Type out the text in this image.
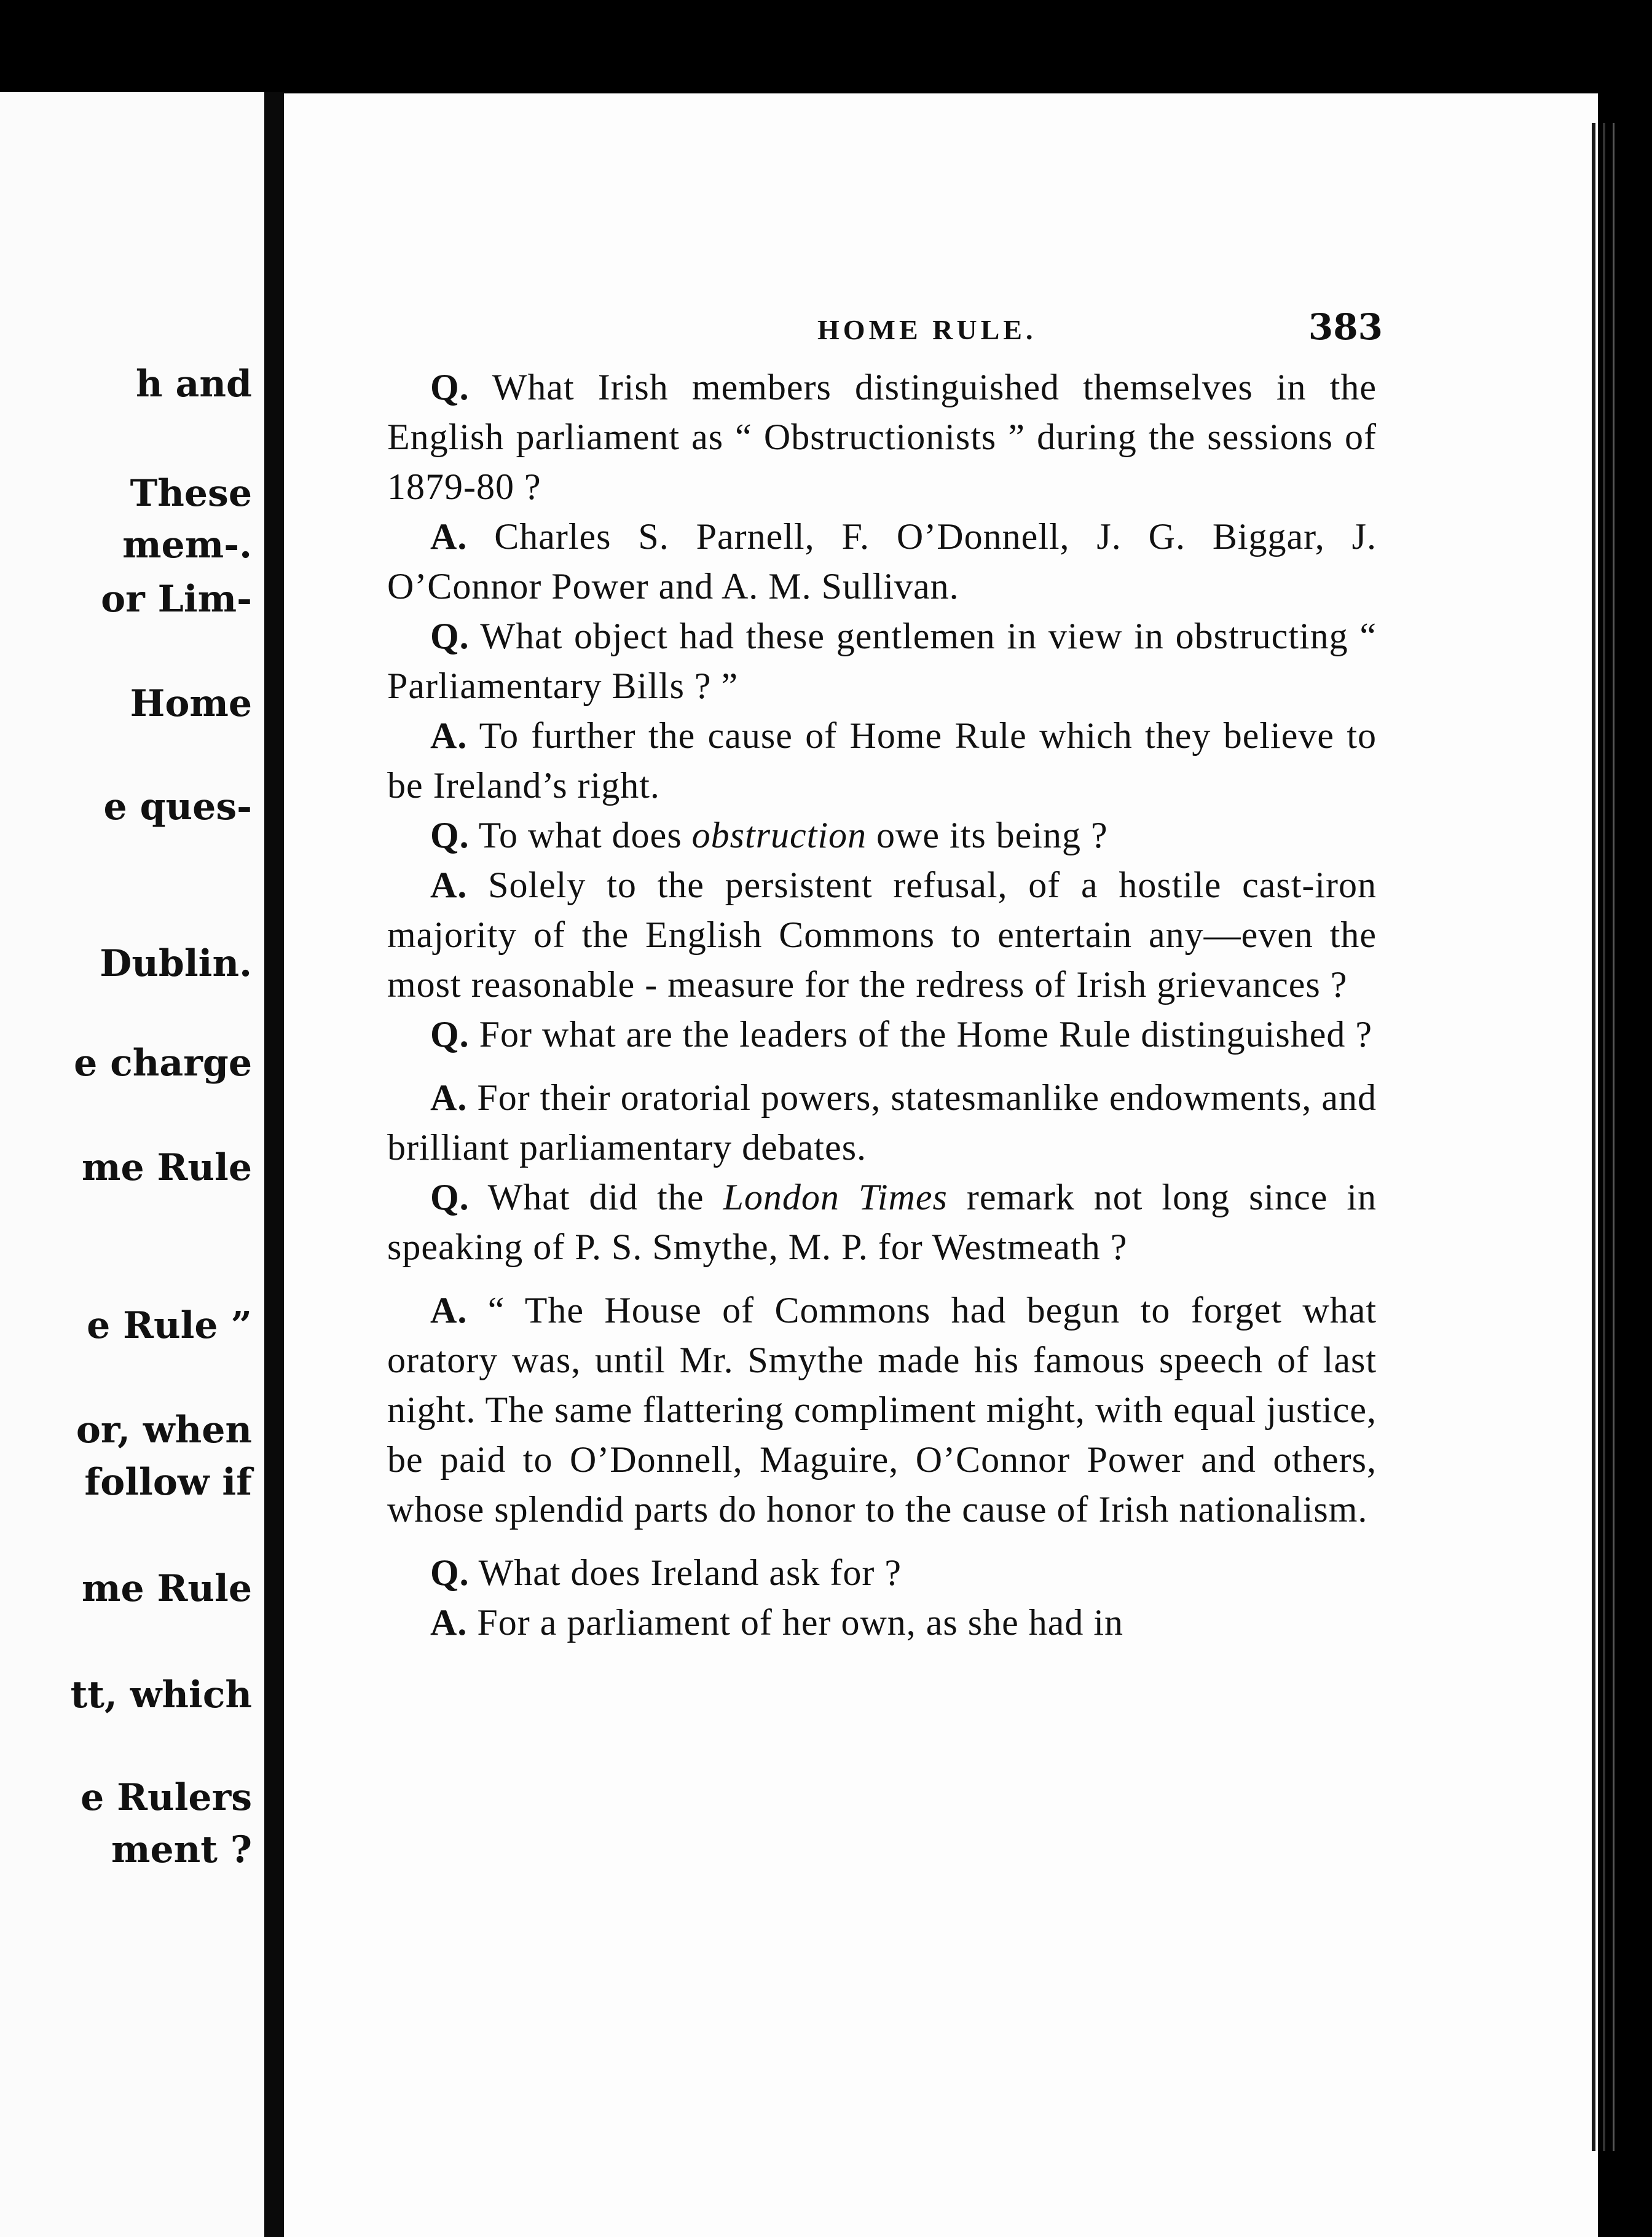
h and
These
mem-.
or Lim-
Home
e ques-
Dublin.
e charge
me Rule
e Rule ”
or, when
follow if
me Rule
tt, which
e Rulers
ment ?
HOME RULE.	383

Q. What Irish members distinguished themselves in the English parliament as “ Obstructionists ” during the sessions of 1879-80 ?

A. Charles S. Parnell, F. O’Donnell, J. G. Biggar, J. O’Connor Power and A. M. Sullivan.

Q. What object had these gentlemen in view in obstructing “ Parliamentary Bills ? ”

A. To further the cause of Home Rule which they believe to be Ireland’s right.

Q. To what does obstruction owe its being ?

A. Solely to the persistent refusal, of a hostile cast-iron majority of the English Commons to entertain any—even the most reasonable - measure for the redress of Irish grievances ?

Q. For what are the leaders of the Home Rule distinguished ?

A. For their oratorial powers, statesmanlike endowments, and brilliant parliamentary debates.

Q. What did the London Times remark not long since in speaking of P. S. Smythe, M. P. for Westmeath ?

A. “ The House of Commons had begun to forget what oratory was, until Mr. Smythe made his famous speech of last night. The same flattering compliment might, with equal justice, be paid to O’Donnell, Maguire, O’Connor Power and others, whose splendid parts do honor to the cause of Irish nationalism.

Q. What does Ireland ask for ?

A. For a parliament of her own, as she had in
